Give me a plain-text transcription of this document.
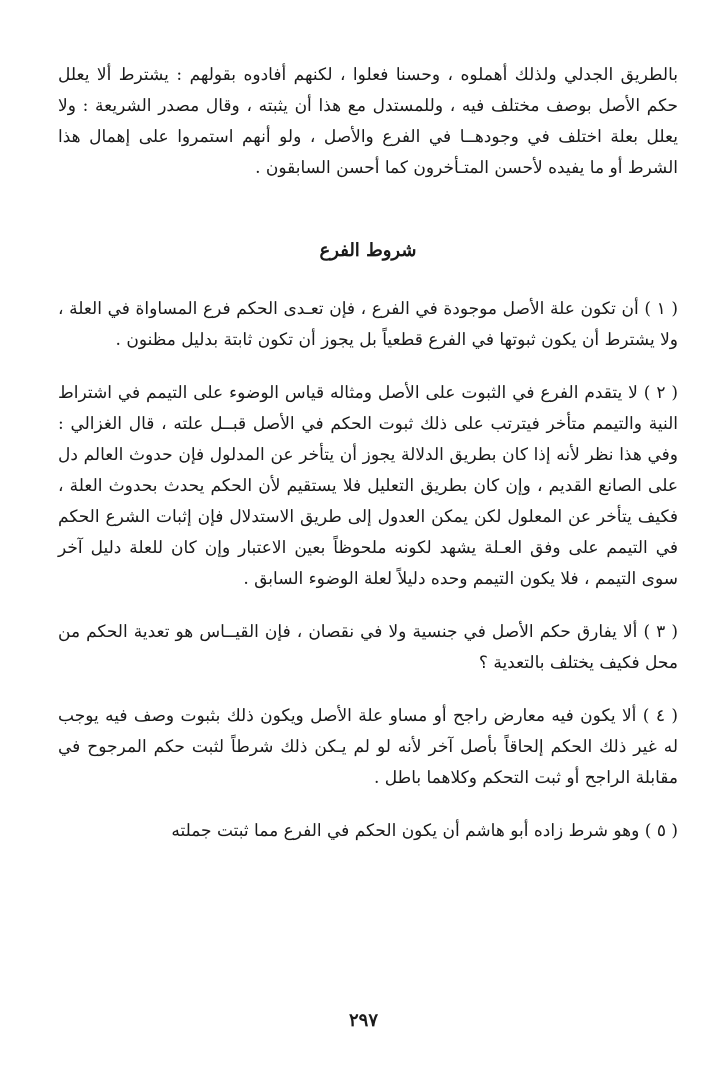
بالطريق الجدلي ولذلك أهملوه ، وحسنا فعلوا ، لكنهم أفادوه بقولهم : يشترط ألا يعلل حكم الأصل بوصف مختلف فيه ، وللمستدل مع هذا أن يثبته ، وقال مصدر الشريعة : ولا يعلل بعلة اختلف في وجودهــا في الفرع والأصل ، ولو أنهم استمروا على إهمال هذا الشرط أو ما يفيده لأحسن المتـأخرون كما أحسن السابقون .

شروط الفرع

( ١ ) أن تكون علة الأصل موجودة في الفرع ، فإن تعـدى الحكم فرع المساواة في العلة ، ولا يشترط أن يكون ثبوتها في الفرع قطعياً بل يجوز أن تكون ثابتة بدليل مظنون .

( ٢ ) لا يتقدم الفرع في الثبوت على الأصل ومثاله قياس الوضوء على التيمم في اشتراط النية والتيمم متأخر فيترتب على ذلك ثبوت الحكم في الأصل قبــل علته ، قال الغزالي : وفي هذا نظر لأنه إذا كان بطريق الدلالة يجوز أن يتأخر عن المدلول فإن حدوث العالم دل على الصانع القديم ، وإن كان بطريق التعليل فلا يستقيم لأن الحكم يحدث بحدوث العلة ، فكيف يتأخر عن المعلول لكن يمكن العدول إلى طريق الاستدلال فإن إثبات الشرع الحكم في التيمم على وفق العـلة يشهد لكونه ملحوظاً بعين الاعتبار وإن كان للعلة دليل آخر سوى التيمم ، فلا يكون التيمم وحده دليلاً لعلة الوضوء السابق .

( ٣ ) ألا يفارق حكم الأصل في جنسية ولا في نقصان ، فإن القيــاس هو تعدية الحكم من محل فكيف يختلف بالتعدية ؟

( ٤ ) ألا يكون فيه معارض راجح أو مساو علة الأصل ويكون ذلك بثبوت وصف فيه يوجب له غير ذلك الحكم إلحاقاً بأصل آخر لأنه لو لم يـكن ذلك شرطاً لثبت حكم المرجوح في مقابلة الراجح أو ثبت التحكم وكلاهما باطل .

( ٥ ) وهو شرط زاده أبو هاشم أن يكون الحكم في الفرع مما ثبتت جملته

٢٩٧
